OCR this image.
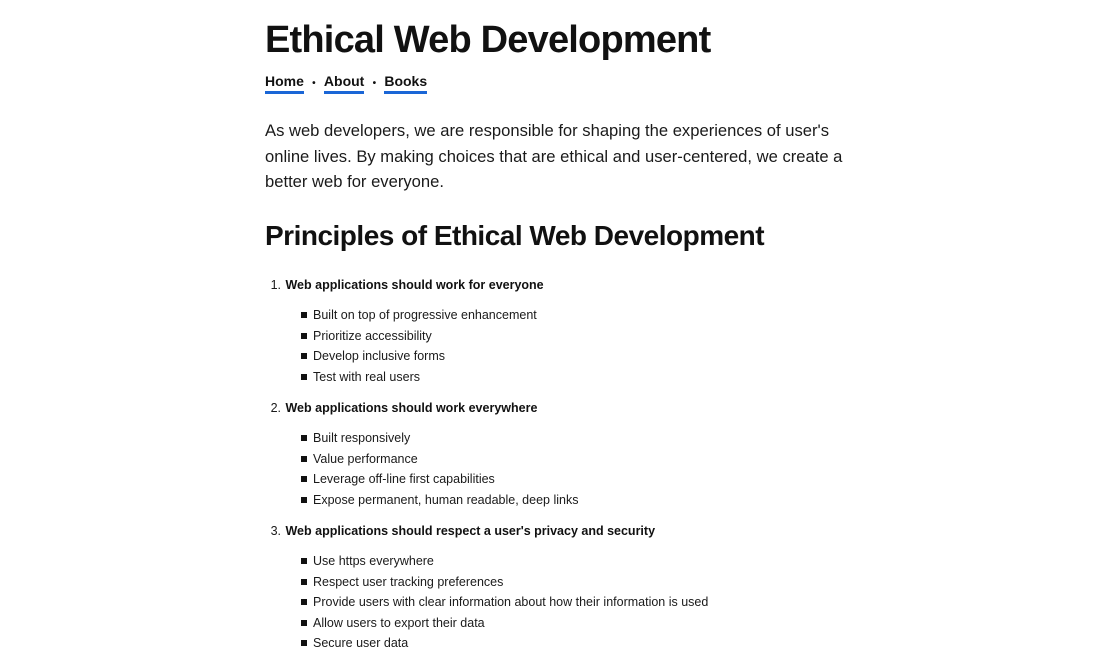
Ethical Web Development
Home • About • Books

As web developers, we are responsible for shaping the experiences of user's online lives. By making choices that are ethical and user-centered, we create a better web for everyone.

Principles of Ethical Web Development
1. Web applications should work for everyone
Built on top of progressive enhancement
Prioritize accessibility
Develop inclusive forms
Test with real users
2. Web applications should work everywhere
Built responsively
Value performance
Leverage off-line first capabilities
Expose permanent, human readable, deep links
3. Web applications should respect a user's privacy and security
Use https everywhere
Respect user tracking preferences
Provide users with clear information about how their information is used
Allow users to export their data
Secure user data
